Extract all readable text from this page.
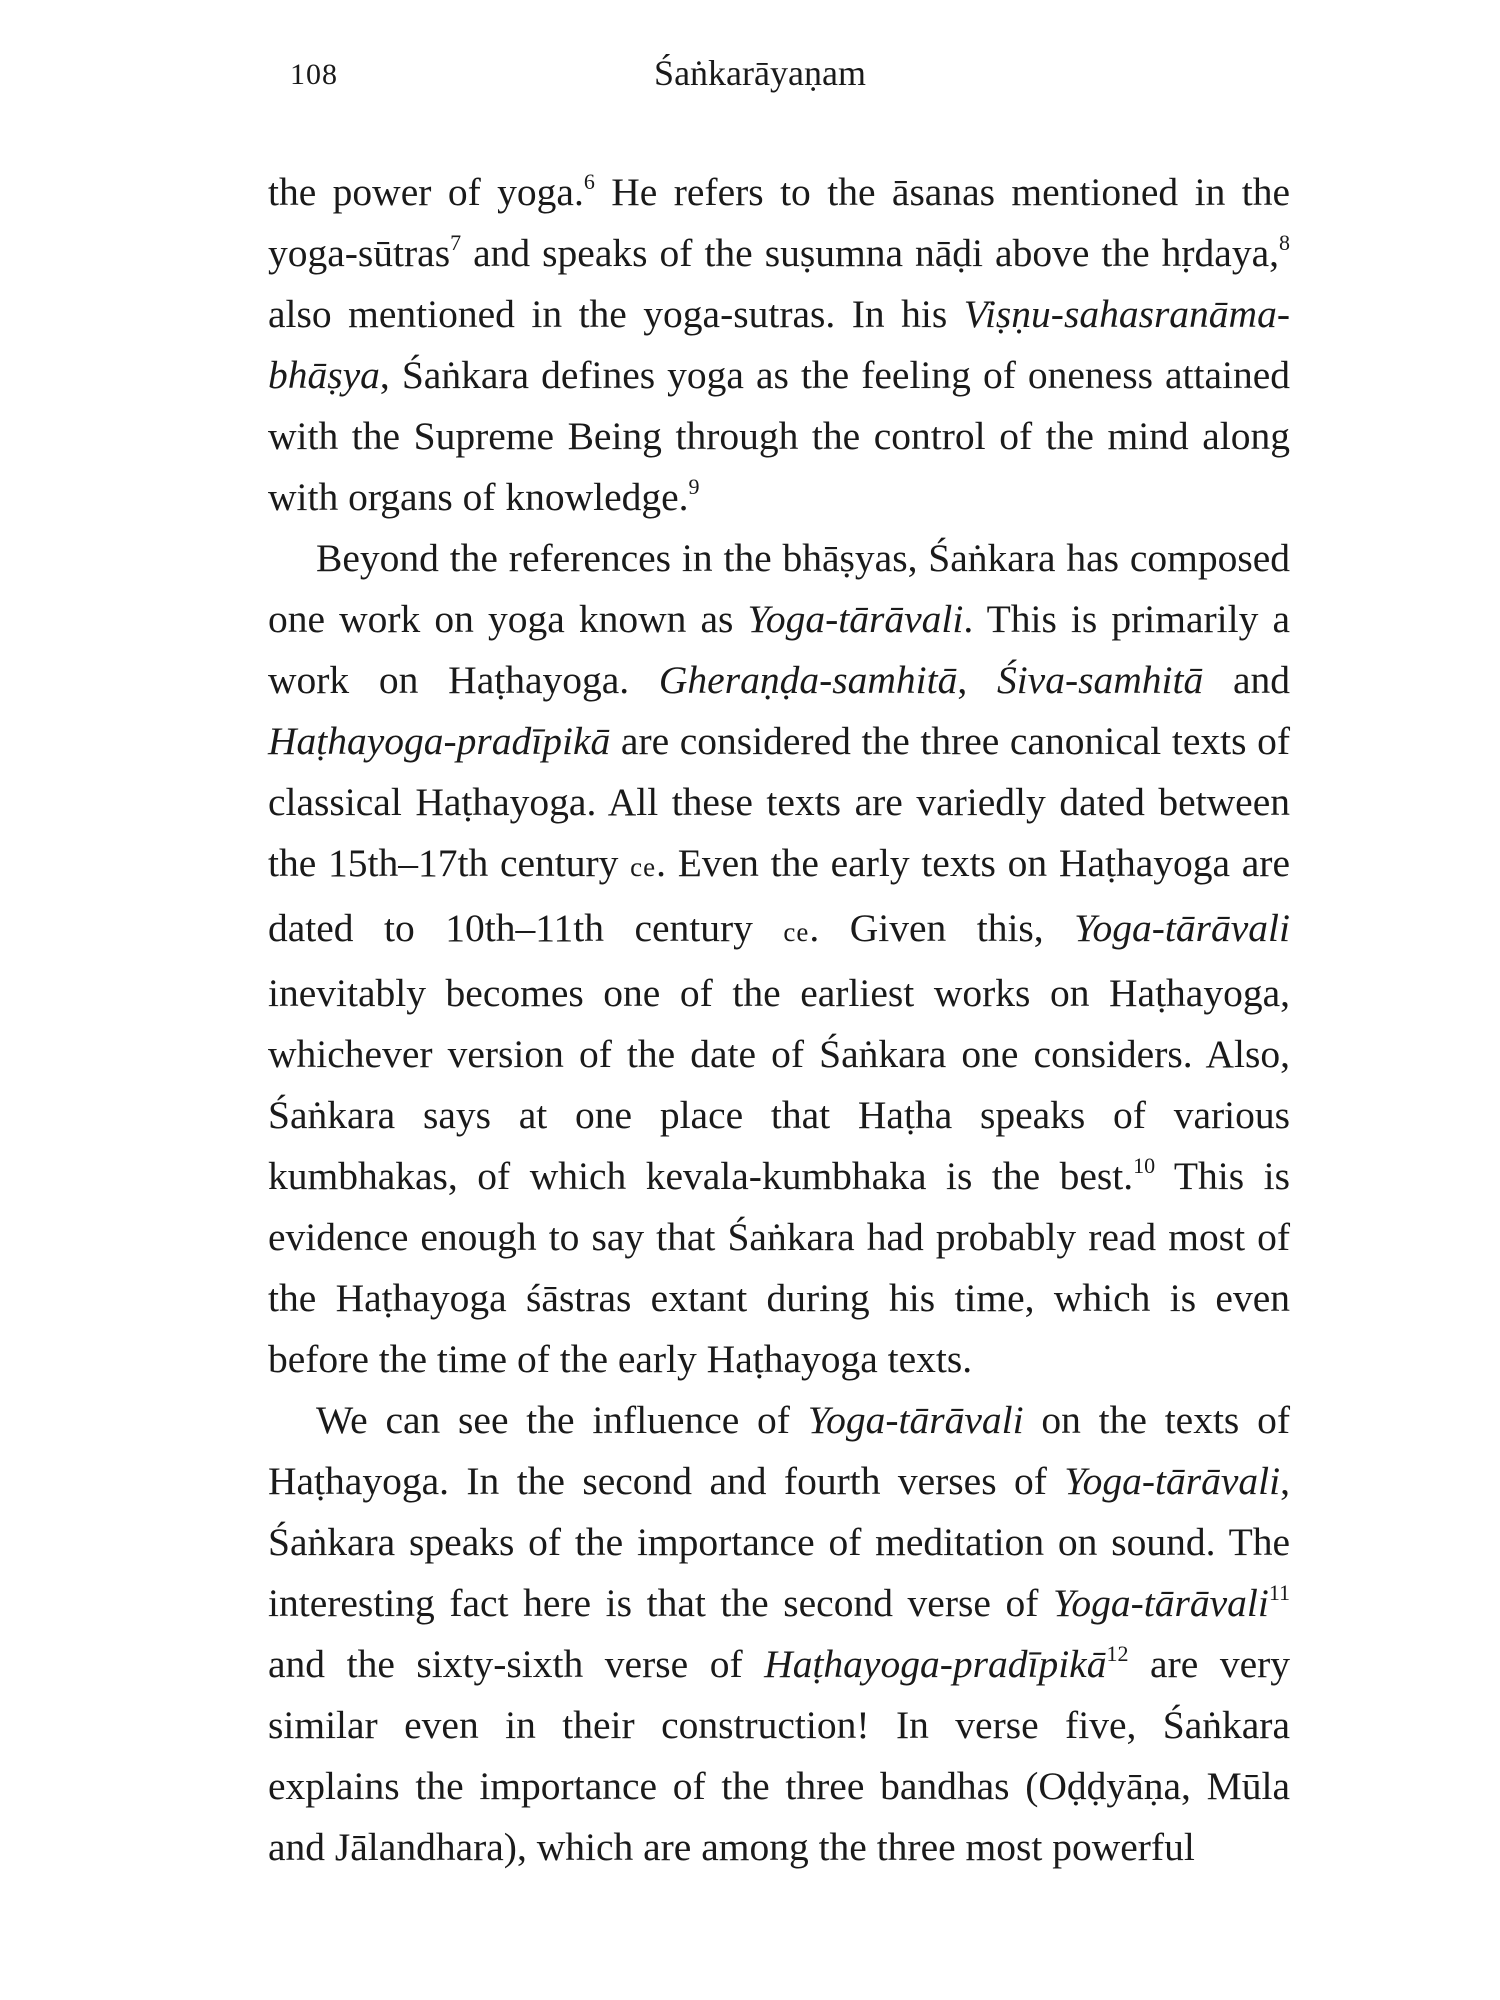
108	Śaṅkarāyaṇam

the power of yoga.$^6$ He refers to the āsanas mentioned in the yoga-sūtras$^7$ and speaks of the suṣumna nāḍi above the hṛdaya,$^8$ also mentioned in the yoga-sutras. In his Viṣṇu-​sahasranāma-bhāṣya, Śaṅkara defines yoga as the feeling of oneness attained with the Supreme Being through the control of the mind along with organs of knowledge.$^9$

Beyond the references in the bhāṣyas, Śaṅkara has composed one work on yoga known as Yoga-tārāvali. This is primarily a work on Haṭhayoga. Gheraṇḍa-samhitā, Śiva-​samhitā and Haṭhayoga-pradīpikā are considered the three canonical texts of classical Haṭhayoga. All these texts are variedly dated between the 15th–17th century ce. Even the early texts on Haṭhayoga are dated to 10th–11th century ce. Given this, Yoga-tārāvali inevitably becomes one of the earliest works on Haṭhayoga, whichever version of the date of Śaṅkara one considers. Also, Śaṅkara says at one place that Haṭha speaks of various kumbhakas, of which kevala-​kumbhaka is the best.$^{10}$ This is evidence enough to say that Śaṅkara had probably read most of the Haṭhayoga śāstras extant during his time, which is even before the time of the early Haṭhayoga texts.

We can see the influence of Yoga-tārāvali on the texts of Haṭhayoga. In the second and fourth verses of Yoga-tārāvali, Śaṅkara speaks of the importance of meditation on sound. The interesting fact here is that the second verse of Yoga-tārāvali$^{11}$ and the sixty-sixth verse of Haṭhayoga-pradīpikā$^{12}$ are very similar even in their construction! In verse five, Śaṅkara explains the importance of the three bandhas (Oḍḍyāṇa, Mūla and Jālandhara), which are among the three most powerful
